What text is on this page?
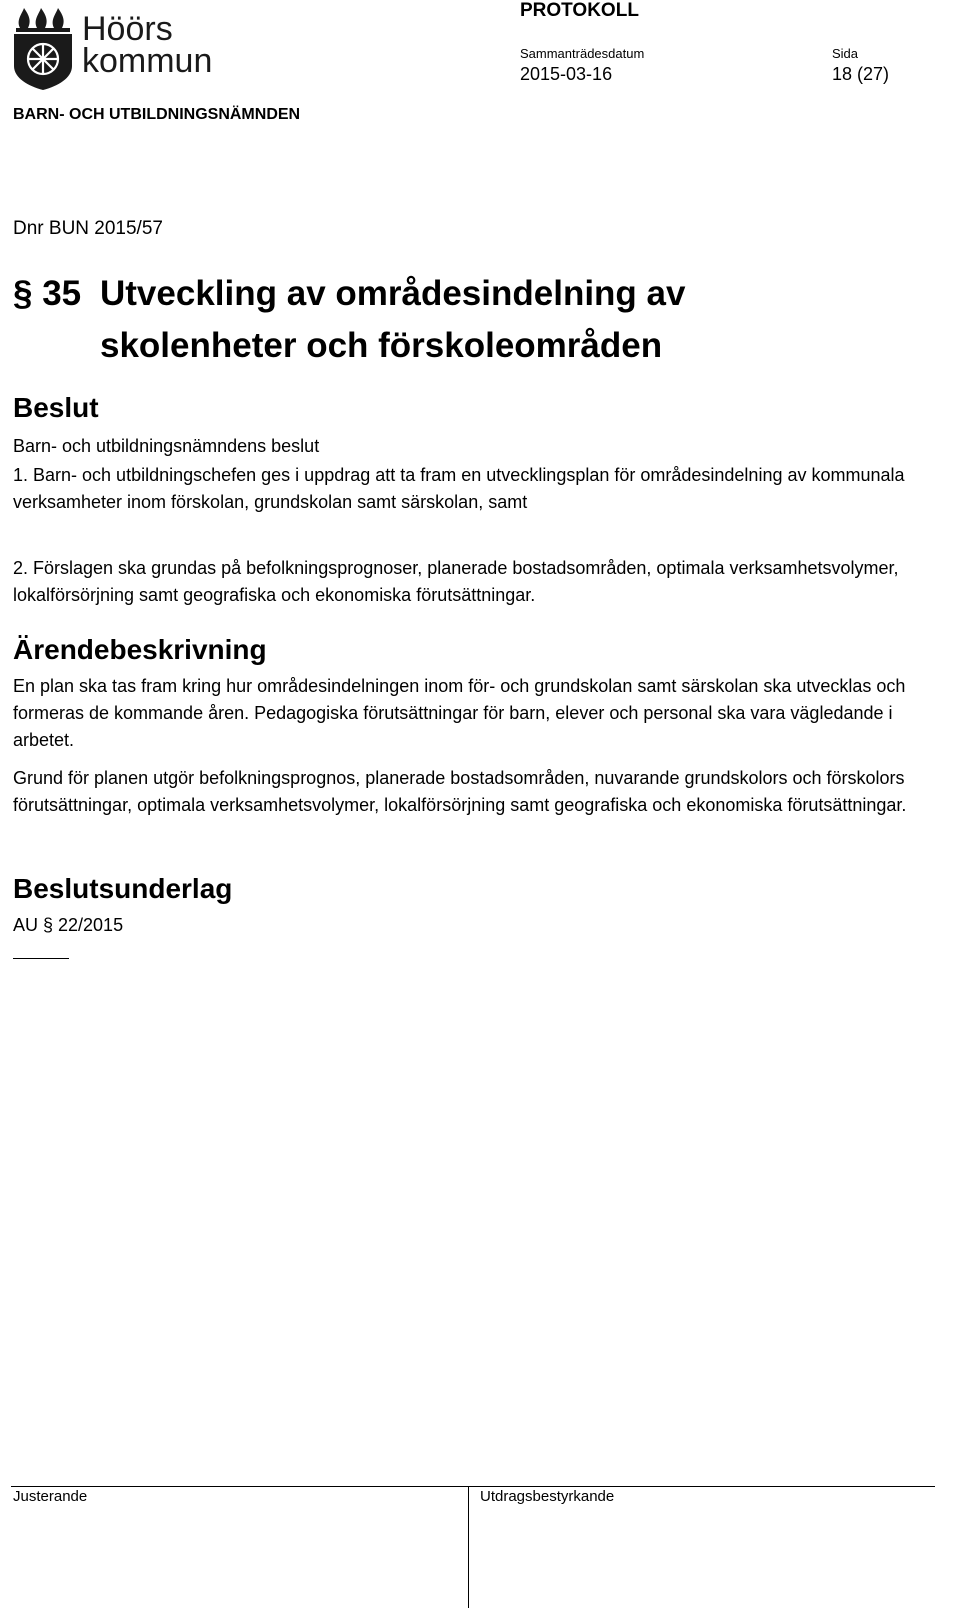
Höörs
kommun
PROTOKOLL
Sammanträdesdatum	Sida
2015-03-16	18 (27)
BARN- OCH UTBILDNINGSNÄMNDEN
Dnr BUN 2015/57
§ 35 Utveckling av områdesindelning av skolenheter och förskoleområden
Beslut
Barn- och utbildningsnämndens beslut
1. Barn- och utbildningschefen ges i uppdrag att ta fram en utvecklingsplan för områdesindelning av kommunala verksamheter inom förskolan, grundskolan samt särskolan, samt
2. Förslagen ska grundas på befolkningsprognoser, planerade bostadsområden, optimala verksamhetsvolymer, lokalförsörjning samt geografiska och ekonomiska förutsättningar.
Ärendebeskrivning
En plan ska tas fram kring hur områdesindelningen inom för- och grundskolan samt särskolan ska utvecklas och formeras de kommande åren. Pedagogiska förutsättningar för barn, elever och personal ska vara vägledande i arbetet.
Grund för planen utgör befolkningsprognos, planerade bostadsområden, nuvarande grundskolors och förskolors förutsättningar, optimala verksamhetsvolymer, lokalförsörjning samt geografiska och ekonomiska förutsättningar.
Beslutsunderlag
AU § 22/2015
Justerande	Utdragsbestyrkande
